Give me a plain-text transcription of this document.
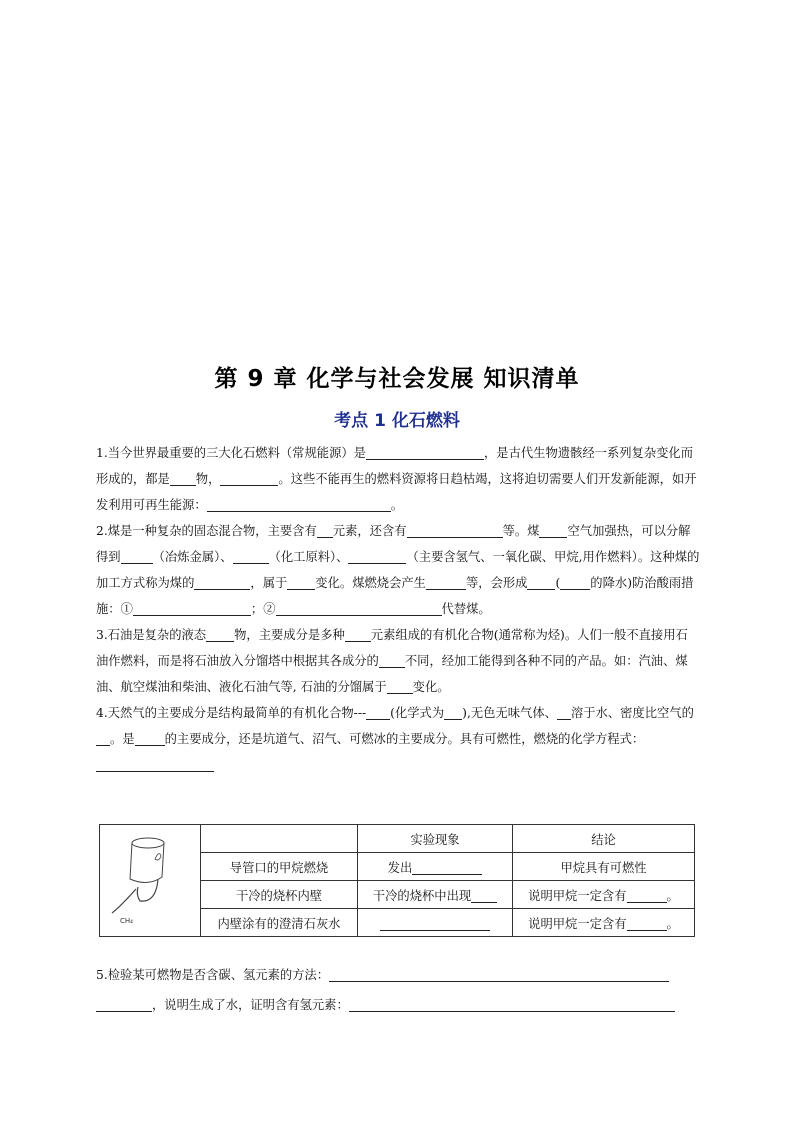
第 9 章 化学与社会发展 知识清单
考点 1 化石燃料

1.当今世界最重要的三大化石燃料（常规能源）是	，是古代生物遗骸经一系列复杂变化而形成的，都是 物，	。这些不能再生的燃料资源将日趋枯竭，这将迫切需要人们开发新能源，如开发利用可再生能源：	。

2.煤是一种复杂的固态混合物，主要含有 元素，还含有	等。煤 空气加强热，可以分解得到	（冶炼金属）、	（化工原料）、	（主要含氢气、一氧化碳、甲烷,用作燃料）。这种煤的加工方式称为煤的	，属于 变化。煤燃烧会产生	等，会形成 ( 的降水)防治酸雨措施：①	；②	代替煤。

3.石油是复杂的液态 物，主要成分是多种 元素组成的有机化合物(通常称为烃)。人们一般不直接用石油作燃料，而是将石油放入分馏塔中根据其各成分的 不同，经加工能得到各种不同的产品。如：汽油、煤油、航空煤油和柴油、液化石油气等, 石油的分馏属于 变化。

4.天然气的主要成分是结构最简单的有机化合物--- (化学式为 ),无色无味气体、 溶于水、密度比空气的。是 的主要成分，还是坑道气、沼气、可燃冰的主要成分。具有可燃性，燃烧的化学方程式：

CH₄		实验现象	结论
	导管口的甲烷燃烧	发出	甲烷具有可燃性
	干冷的烧杯内壁	干冷的烧杯中出现	说明甲烷一定含有 。
	内壁涂有的澄清石灰水		说明甲烷一定含有 。
5.检验某可燃物是否含碳、氢元素的方法：
，说明生成了水，证明含有氢元素：
